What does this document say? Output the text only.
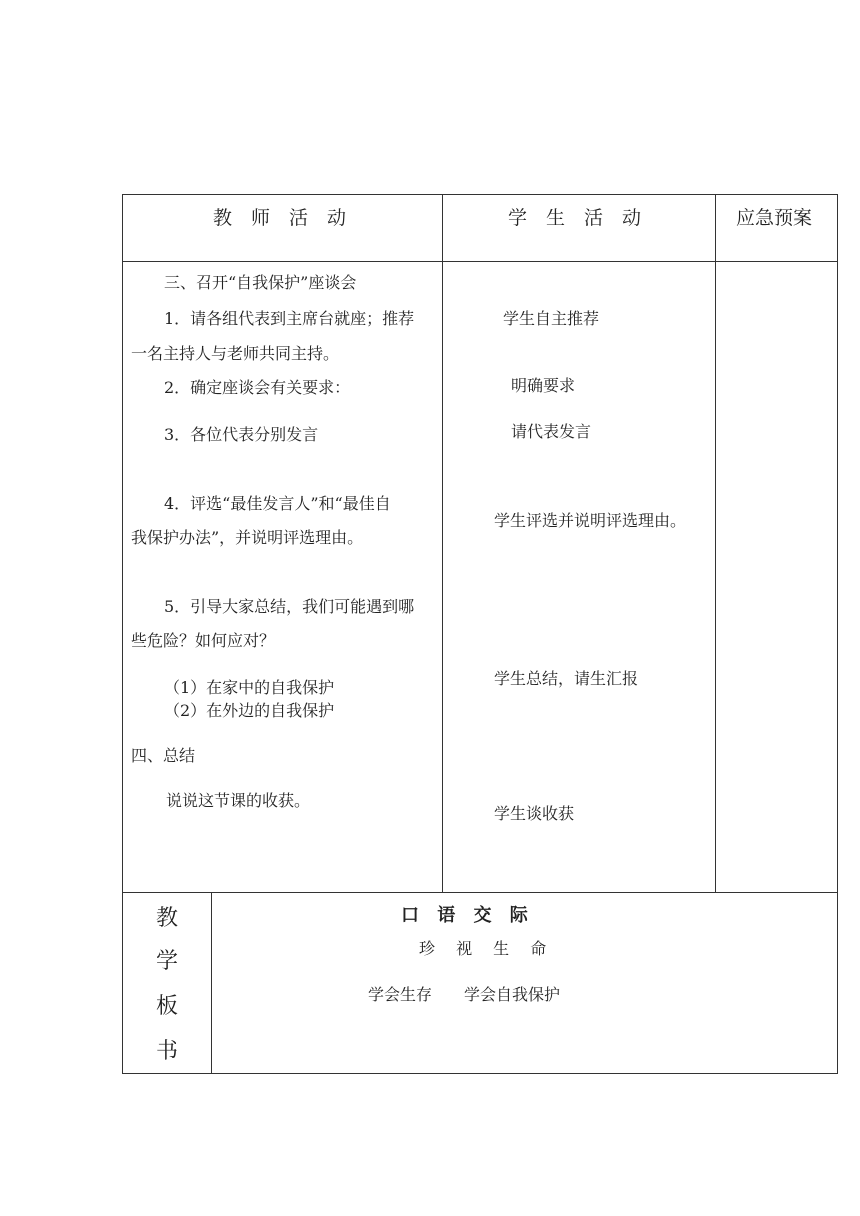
教　师　活　动	学　生　活　动	应急预案
三、召开“自我保护”座谈会
1．请各组代表到主席台就座；推荐
一名主持人与老师共同主持。
2．确定座谈会有关要求：
3．各位代表分别发言
4．评选“最佳发言人”和“最佳自
我保护办法”，并说明评选理由。
5．引导大家总结，我们可能遇到哪
些危险？如何应对？
（1）在家中的自我保护
（2）在外边的自我保护
四、总结
说说这节课的收获。
学生自主推荐
明确要求
请代表发言
学生评选并说明评选理由。
学生总结，请生汇报
学生谈收获
教
学
板
书
口 语 交 际
珍 视 生 命
学会生存　　学会自我保护
